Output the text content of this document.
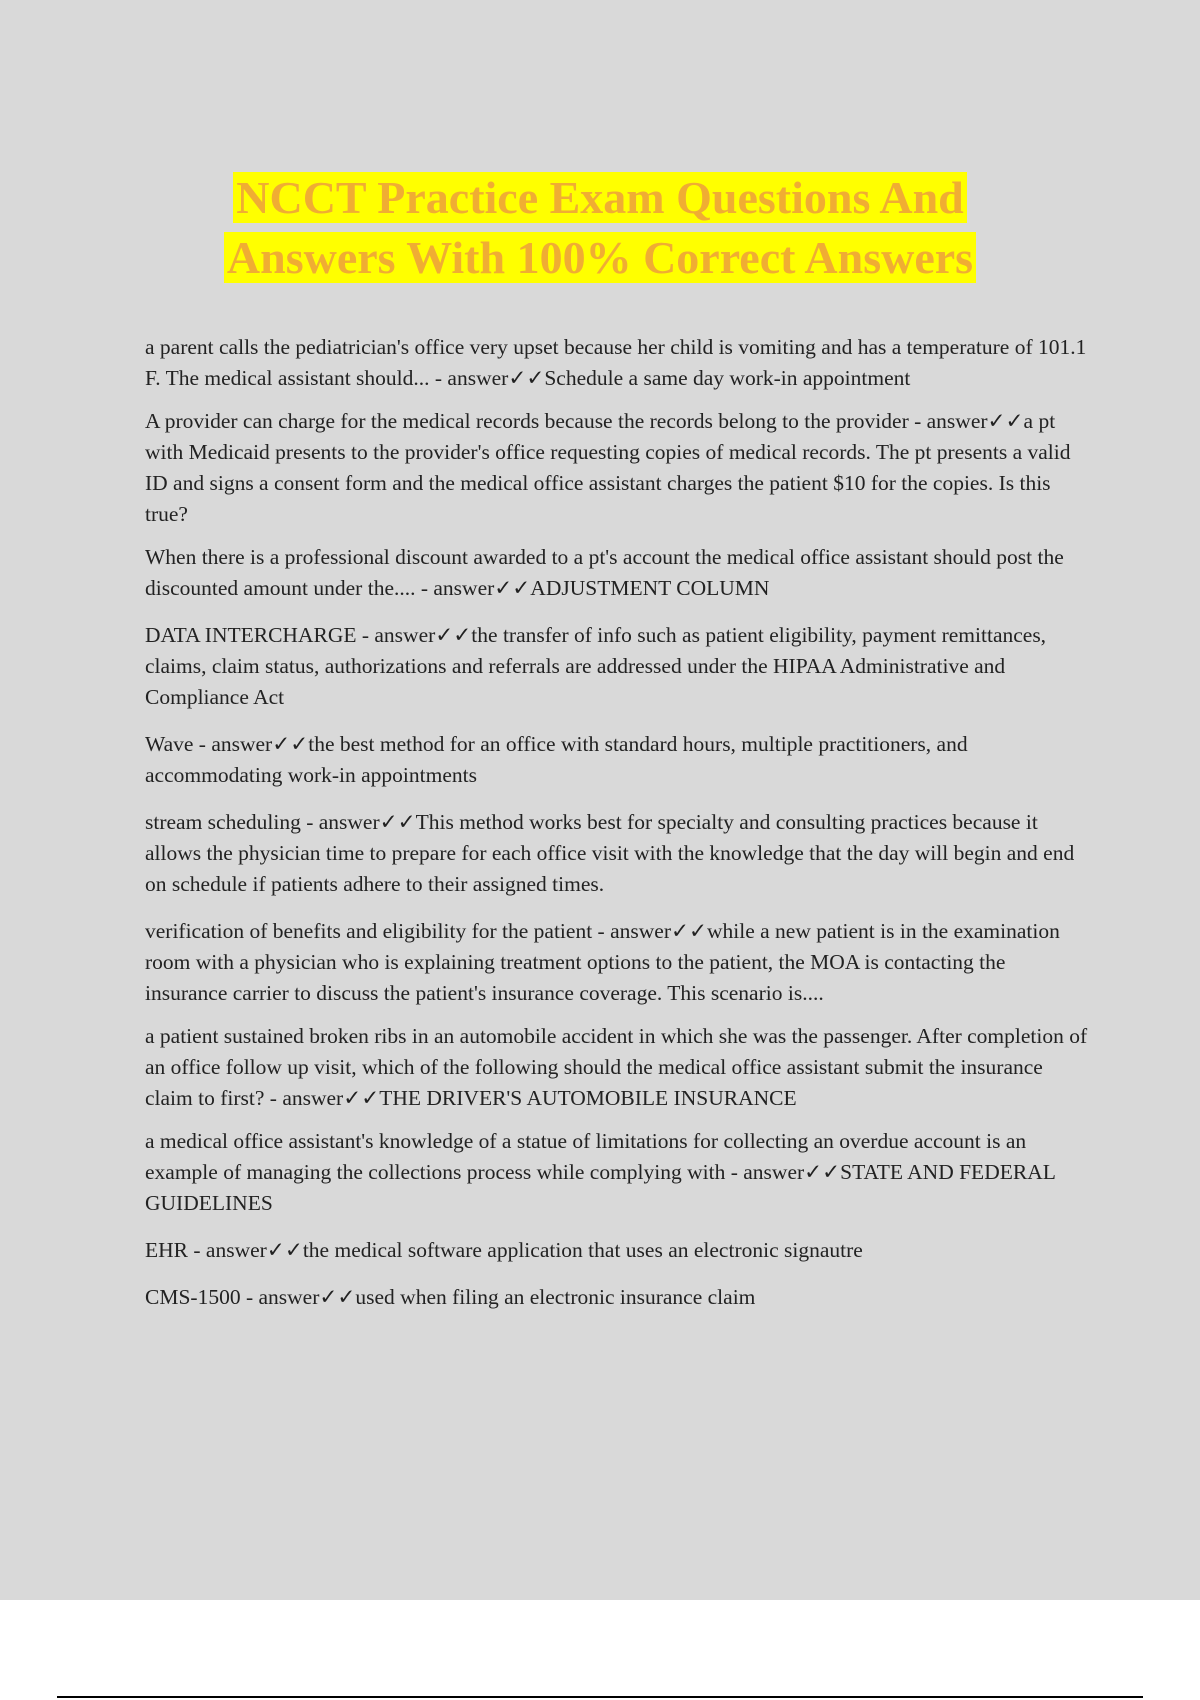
NCCT Practice Exam Questions And
Answers With 100% Correct Answers

a parent calls the pediatrician's office very upset because her child is vomiting and has a temperature of 101.1 F. The medical assistant should... - answer✓✓Schedule a same day work-in appointment

A provider can charge for the medical records because the records belong to the provider - answer✓✓a pt with Medicaid presents to the provider's office requesting copies of medical records. The pt presents a valid ID and signs a consent form and the medical office assistant charges the patient $10 for the copies. Is this true?

When there is a professional discount awarded to a pt's account the medical office assistant should post the discounted amount under the.... - answer✓✓ADJUSTMENT COLUMN

DATA INTERCHARGE - answer✓✓the transfer of info such as patient eligibility, payment remittances, claims, claim status, authorizations and referrals are addressed under the HIPAA Administrative and Compliance Act

Wave - answer✓✓the best method for an office with standard hours, multiple practitioners, and accommodating work-in appointments

stream scheduling - answer✓✓This method works best for specialty and consulting practices because it allows the physician time to prepare for each office visit with the knowledge that the day will begin and end on schedule if patients adhere to their assigned times.

verification of benefits and eligibility for the patient - answer✓✓while a new patient is in the examination room with a physician who is explaining treatment options to the patient, the MOA is contacting the insurance carrier to discuss the patient's insurance coverage. This scenario is....

a patient sustained broken ribs in an automobile accident in which she was the passenger. After completion of an office follow up visit, which of the following should the medical office assistant submit the insurance claim to first? - answer✓✓THE DRIVER'S AUTOMOBILE INSURANCE

a medical office assistant's knowledge of a statue of limitations for collecting an overdue account is an example of managing the collections process while complying with - answer✓✓STATE AND FEDERAL GUIDELINES

EHR - answer✓✓the medical software application that uses an electronic signautre

CMS-1500 - answer✓✓used when filing an electronic insurance claim
